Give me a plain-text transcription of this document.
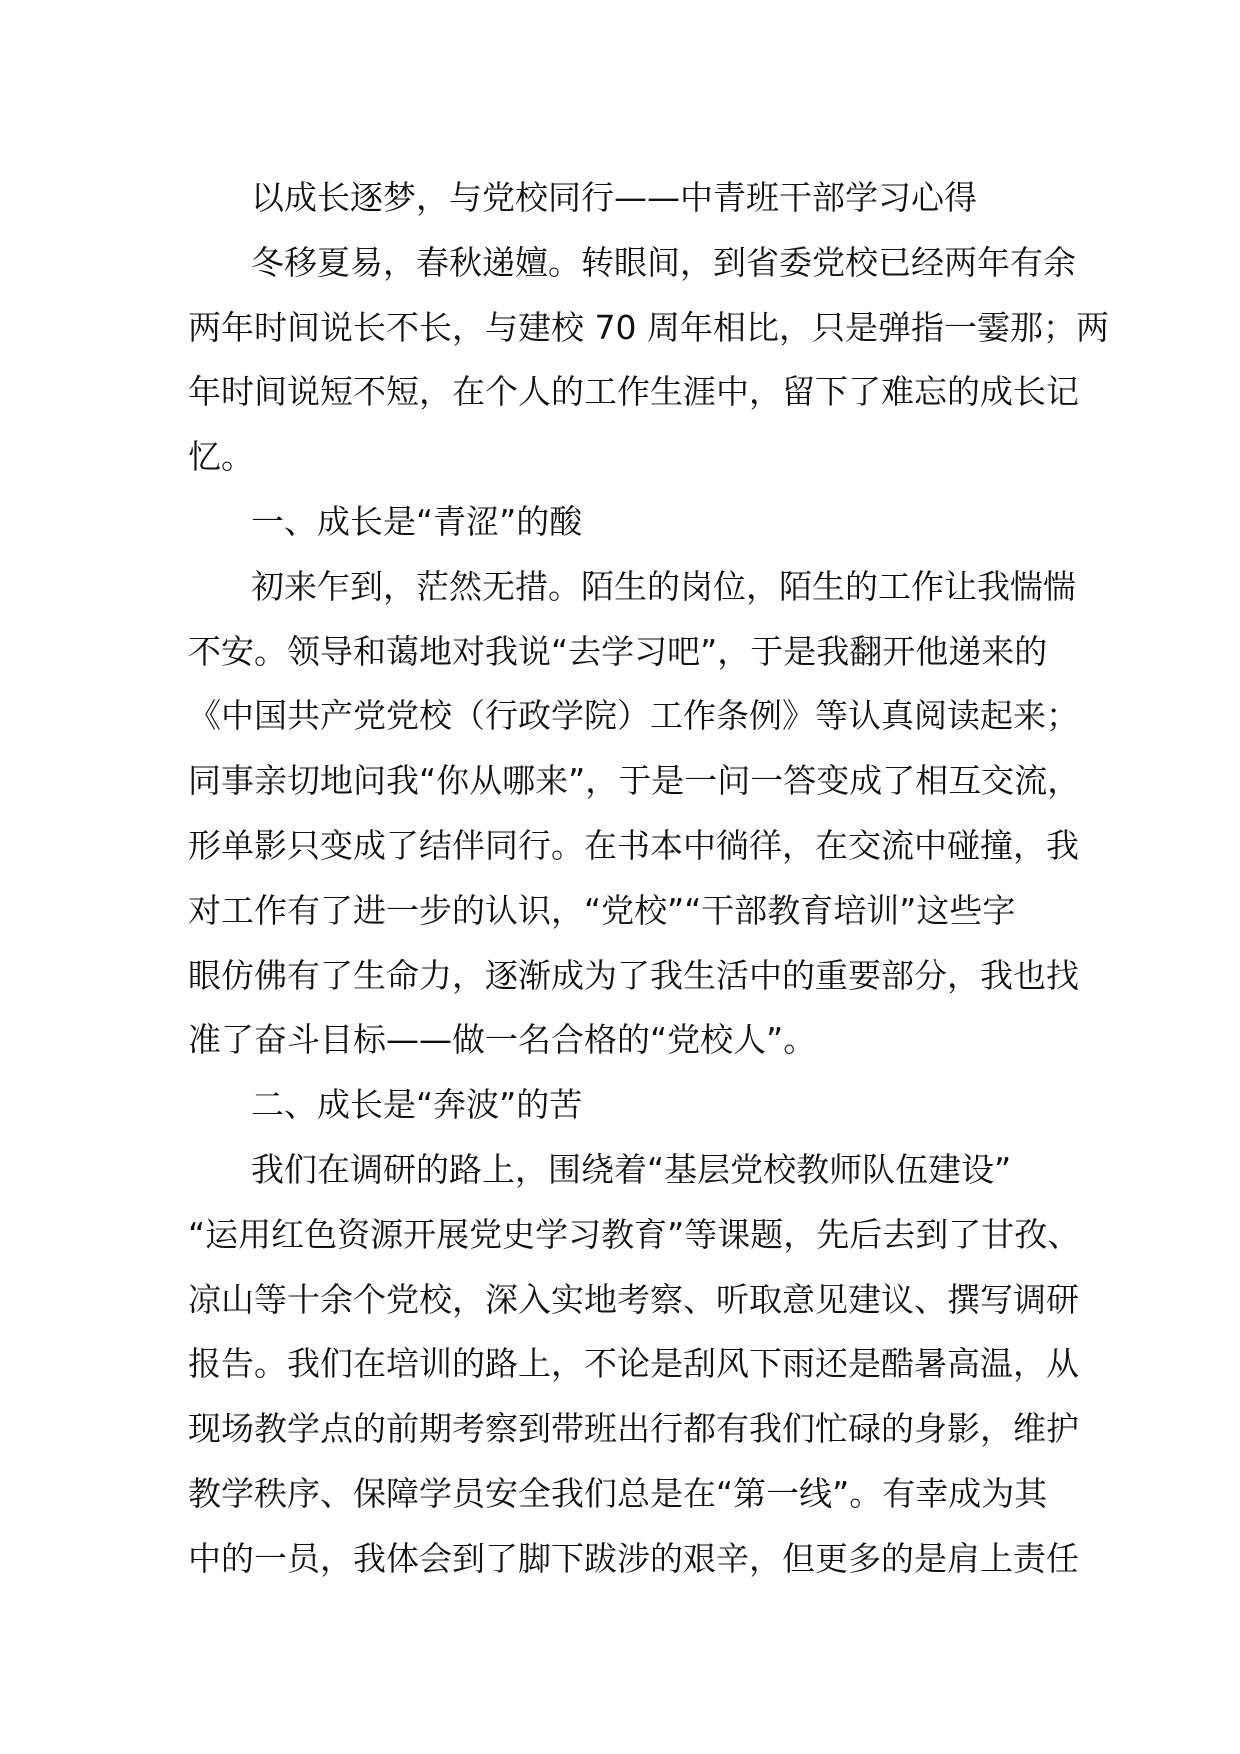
以成长逐梦，与党校同行——中青班干部学习心得
冬移夏易，春秋递嬗。转眼间，到省委党校已经两年有余
两年时间说长不长，与建校 70 周年相比，只是弹指一霎那；两
年时间说短不短，在个人的工作生涯中，留下了难忘的成长记
忆。
一、成长是“青涩”的酸
初来乍到，茫然无措。陌生的岗位，陌生的工作让我惴惴
不安。领导和蔼地对我说“去学习吧”，于是我翻开他递来的
《中国共产党党校（行政学院）工作条例》等认真阅读起来；
同事亲切地问我“你从哪来”，于是一问一答变成了相互交流，
形单影只变成了结伴同行。在书本中徜徉，在交流中碰撞，我
对工作有了进一步的认识，“党校”“干部教育培训”这些字
眼仿佛有了生命力，逐渐成为了我生活中的重要部分，我也找
准了奋斗目标——做一名合格的“党校人”。
二、成长是“奔波”的苦
我们在调研的路上，围绕着“基层党校教师队伍建设”
“运用红色资源开展党史学习教育”等课题，先后去到了甘孜、
凉山等十余个党校，深入实地考察、听取意见建议、撰写调研
报告。我们在培训的路上，不论是刮风下雨还是酷暑高温，从
现场教学点的前期考察到带班出行都有我们忙碌的身影，维护
教学秩序、保障学员安全我们总是在“第一线”。有幸成为其
中的一员，我体会到了脚下跋涉的艰辛，但更多的是肩上责任
